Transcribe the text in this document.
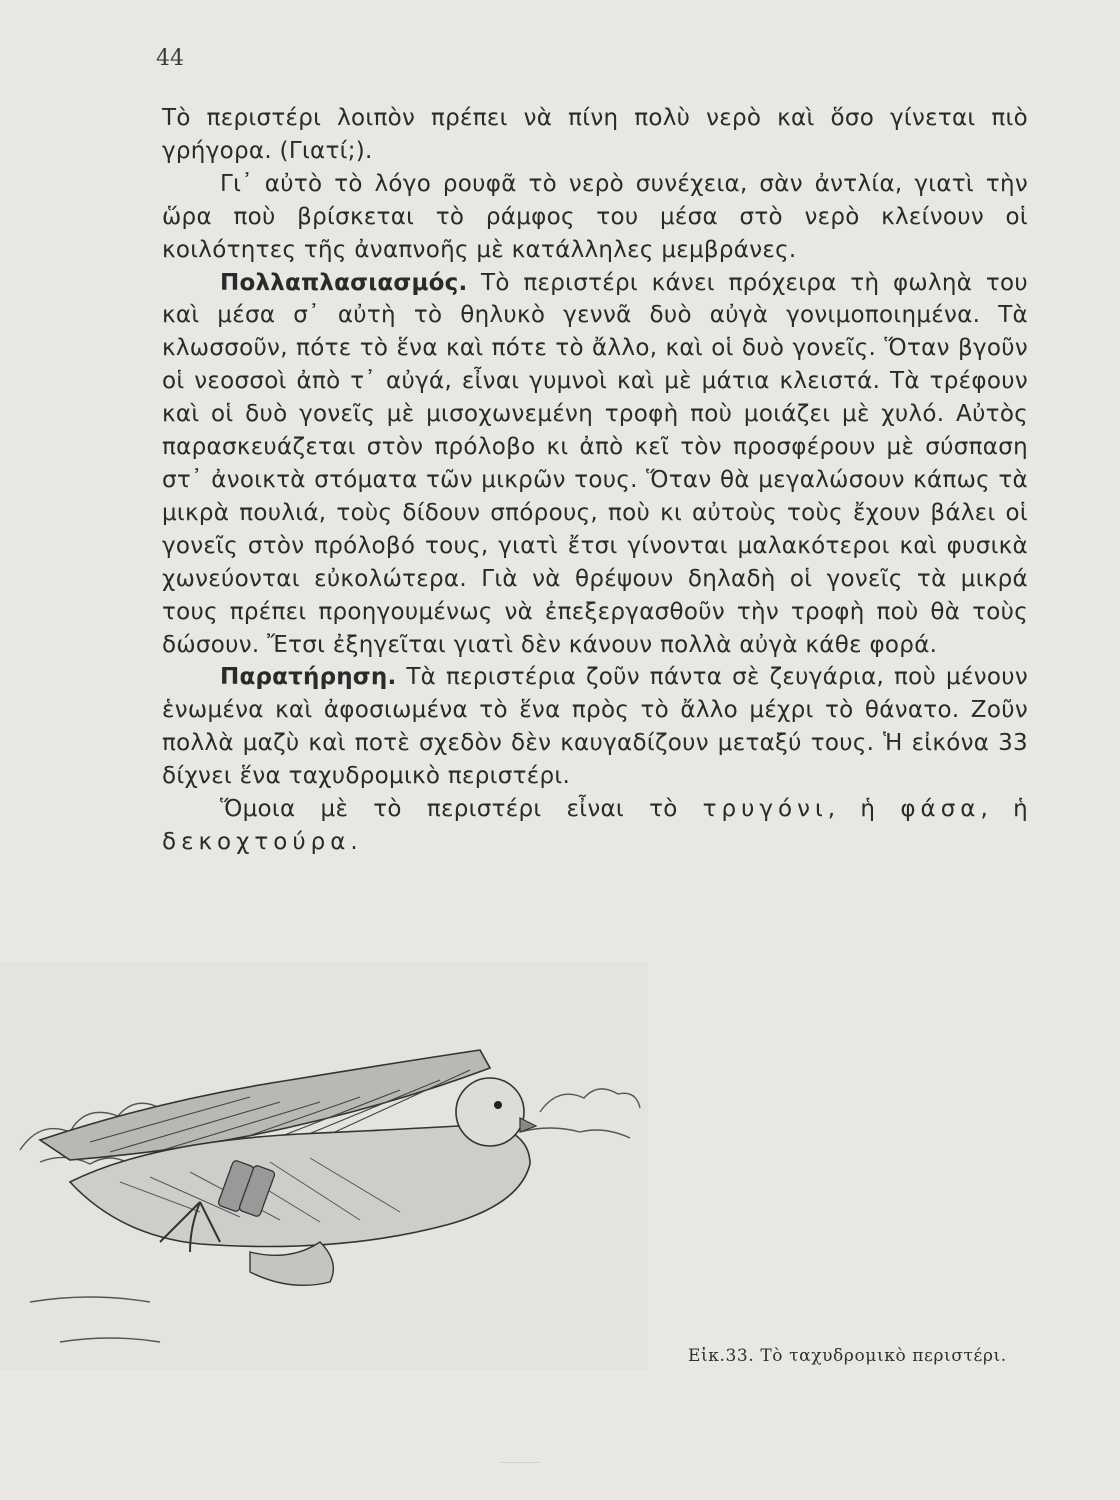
44

Τὸ περιστέρι λοιπὸν πρέπει νὰ πίνη πολὺ νερὸ καὶ ὅσο γίνεται πιὸ γρήγορα. (Γιατί;).

Γι᾽ αὐτὸ τὸ λόγο ρουφᾶ τὸ νερὸ συνέχεια, σὰν ἀντλία, γιατὶ τὴν ὥρα ποὺ βρίσκεται τὸ ράμφος του μέσα στὸ νερὸ κλείνουν οἱ κοιλότητες τῆς ἀναπνοῆς μὲ κατάλληλες μεμβράνες.

Πολλαπλασιασμός. Τὸ περιστέρι κάνει πρόχειρα τὴ φωληὰ του καὶ μέσα σ᾽ αὐτὴ τὸ θηλυκὸ γεννᾶ δυὸ αὐγὰ γονιμοποιημένα. Τὰ κλωσσοῦν, πότε τὸ ἕνα καὶ πότε τὸ ἄλλο, καὶ οἱ δυὸ γονεῖς. Ὅταν βγοῦν οἱ νεοσσοὶ ἀπὸ τ᾽ αὐγά, εἶναι γυμνοὶ καὶ μὲ μάτια κλειστά. Τὰ τρέφουν καὶ οἱ δυὸ γονεῖς μὲ μισοχωνεμένη τροφὴ ποὺ μοιάζει μὲ χυλό. Αὐτὸς παρασκευάζεται στὸν πρόλοβο κι ἀπὸ κεῖ τὸν προσφέρουν μὲ σύσπαση στ᾽ ἀνοικτὰ στόματα τῶν μικρῶν τους. Ὅταν θὰ μεγαλώσουν κάπως τὰ μικρὰ πουλιά, τοὺς δίδουν σπόρους, ποὺ κι αὐτοὺς τοὺς ἔχουν βάλει οἱ γονεῖς στὸν πρόλοβό τους, γιατὶ ἔτσι γίνονται μαλακότεροι καὶ φυσικὰ χωνεύονται εὐκολώτερα. Γιὰ νὰ θρέψουν δηλαδὴ οἱ γονεῖς τὰ μικρά τους πρέπει προηγουμένως νὰ ἐπεξεργασθοῦν τὴν τροφὴ ποὺ θὰ τοὺς δώσουν. Ἔτσι ἐξηγεῖται γιατὶ δὲν κάνουν πολλὰ αὐγὰ κάθε φορά.

Παρατήρηση. Τὰ περιστέρια ζοῦν πάντα σὲ ζευγάρια, ποὺ μένουν ἑνωμένα καὶ ἀφοσιωμένα τὸ ἕνα πρὸς τὸ ἄλλο μέχρι τὸ θάνατο. Ζοῦν πολλὰ μαζὺ καὶ ποτὲ σχεδὸν δὲν καυγαδίζουν μεταξύ τους. Ἡ εἰκόνα 33 δίχνει ἕνα ταχυδρομικὸ περιστέρι.

Ὅμοια μὲ τὸ περιστέρι εἶναι τὸ τρυγόνι, ἡ φάσα, ἡ δεκοχτούρα.

Εἰκ.33. Τὸ ταχυδρομικὸ περιστέρι.
